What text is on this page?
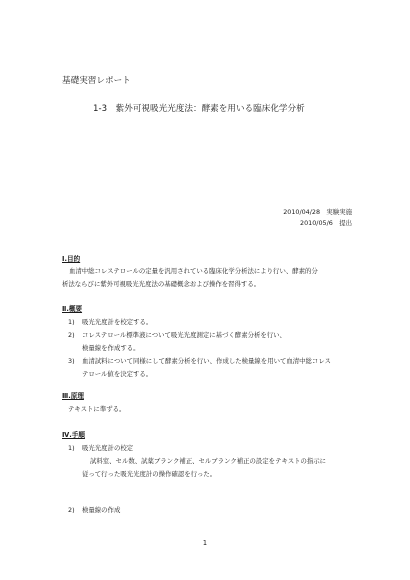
基礎実習レポート
1-3　紫外可視吸光光度法：酵素を用いる臨床化学分析
2010/04/28　実験実施
2010/05/6　提出
Ⅰ.目的
血清中総コレステロールの定量を汎用されている臨床化学分析法により行い、酵素的分
析法ならびに紫外可視吸光光度法の基礎概念および操作を習得する。
Ⅱ.概要
1) 吸光光度計を校定する。
2) コレステロール標準液について吸光光度測定に基づく酵素分析を行い、
検量線を作成する。
3) 血清試料について同様にして酵素分析を行い、作成した検量線を用いて血清中総コレス
テロール値を決定する。
Ⅲ.原理
テキストに準ずる。
Ⅳ.手順
1) 吸光光度計の校定
試料室、セル数、試薬ブランク補正、セルブランク補正の設定をテキストの指示に
従って行った吸光光度計の操作確認を行った。
2) 検量線の作成
1
